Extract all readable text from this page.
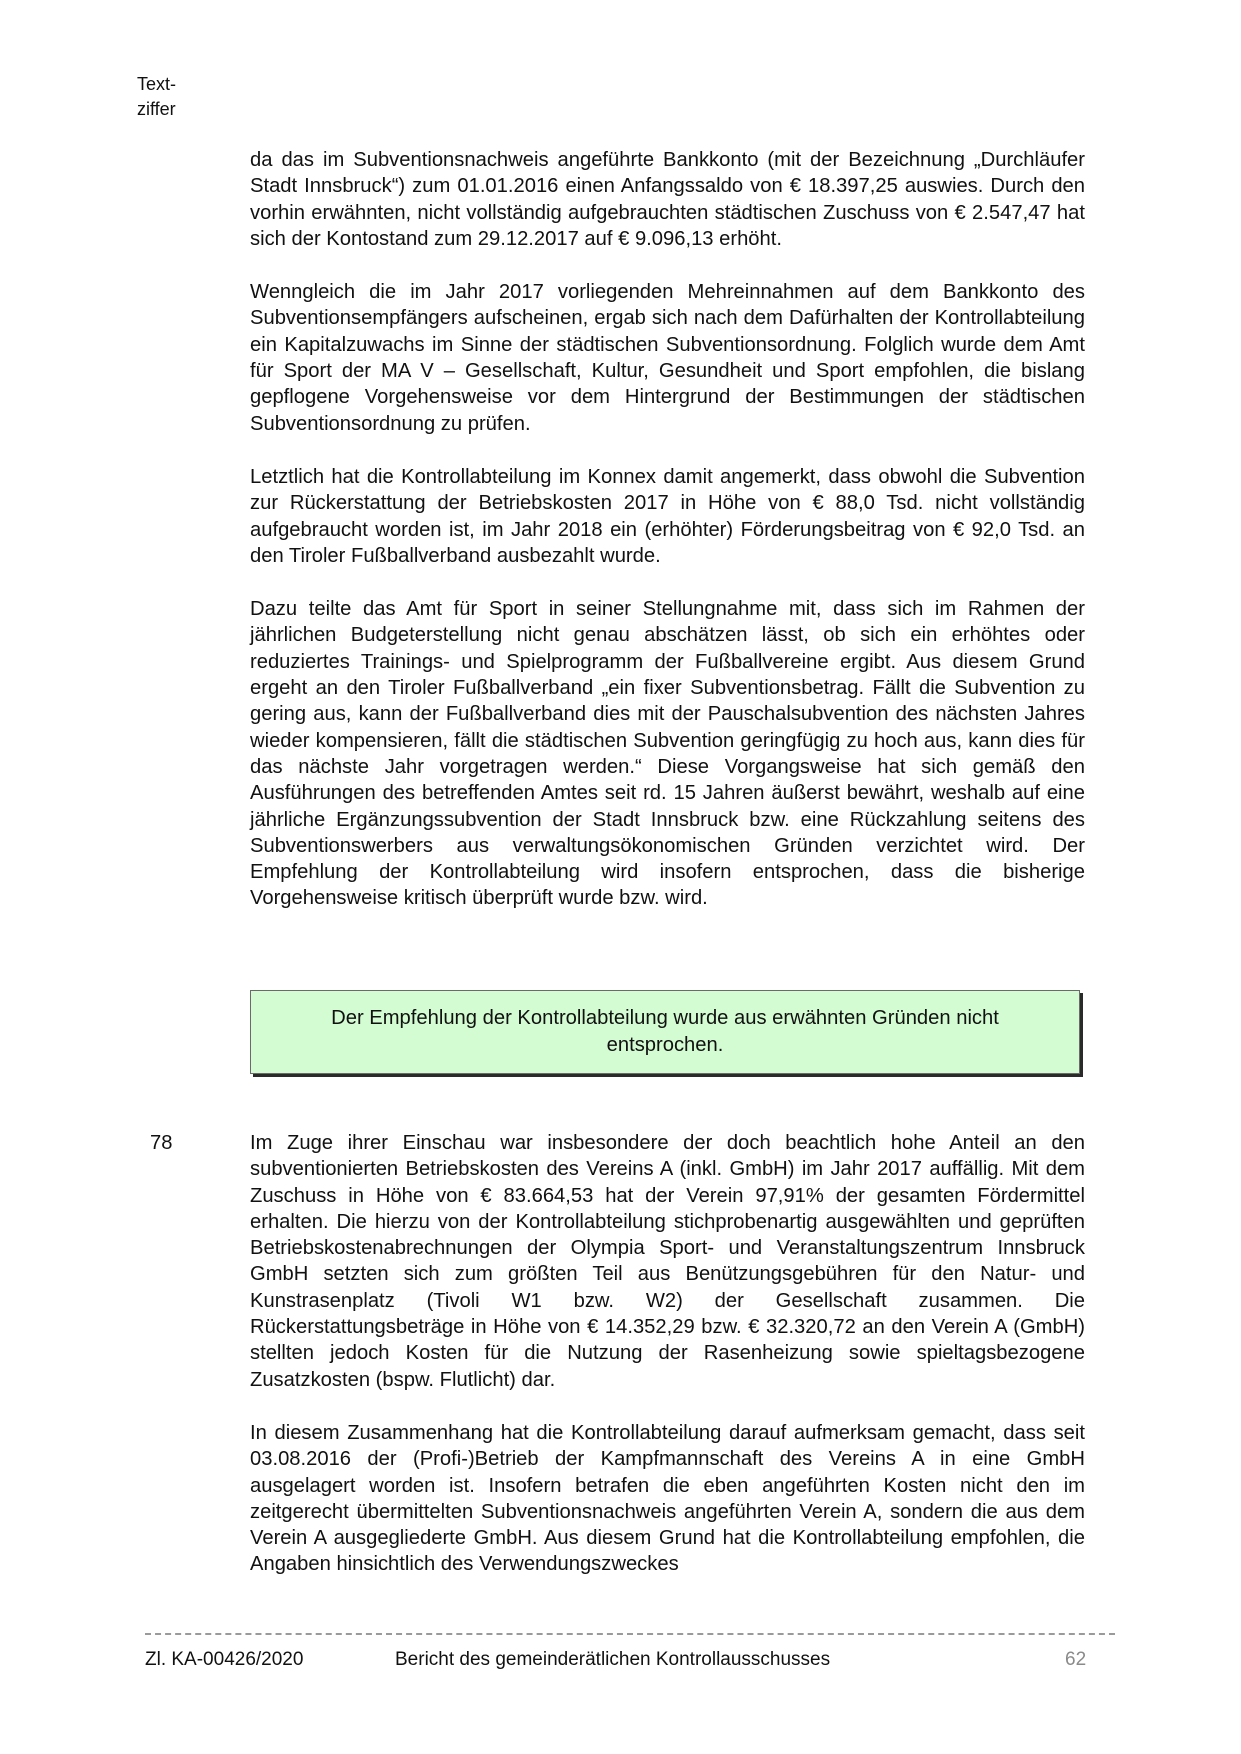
Text-
ziffer

da das im Subventionsnachweis angeführte Bankkonto (mit der Bezeichnung „Durchläufer Stadt Innsbruck“) zum 01.01.2016 einen Anfangssaldo von € 18.397,25 auswies. Durch den vorhin erwähnten, nicht vollständig aufgebrauchten städtischen Zuschuss von € 2.547,47 hat sich der Kontostand zum 29.12.2017 auf € 9.096,13 erhöht.

Wenngleich die im Jahr 2017 vorliegenden Mehreinnahmen auf dem Bankkonto des Subventionsempfängers aufscheinen, ergab sich nach dem Dafürhalten der Kontrollabteilung ein Kapitalzuwachs im Sinne der städtischen Subventionsordnung. Folglich wurde dem Amt für Sport der MA V – Gesellschaft, Kultur, Gesundheit und Sport empfohlen, die bislang gepflogene Vorgehensweise vor dem Hintergrund der Bestimmungen der städtischen Subventionsordnung zu prüfen.

Letztlich hat die Kontrollabteilung im Konnex damit angemerkt, dass obwohl die Subvention zur Rückerstattung der Betriebskosten 2017 in Höhe von € 88,0 Tsd. nicht vollständig aufgebraucht worden ist, im Jahr 2018 ein (erhöhter) Förderungsbeitrag von € 92,0 Tsd. an den Tiroler Fußballverband ausbezahlt wurde.

Dazu teilte das Amt für Sport in seiner Stellungnahme mit, dass sich im Rahmen der jährlichen Budgeterstellung nicht genau abschätzen lässt, ob sich ein erhöhtes oder reduziertes Trainings- und Spielprogramm der Fußballvereine ergibt. Aus diesem Grund ergeht an den Tiroler Fußballverband „ein fixer Subventionsbetrag. Fällt die Subvention zu gering aus, kann der Fußballverband dies mit der Pauschalsubvention des nächsten Jahres wieder kompensieren, fällt die städtischen Subvention geringfügig zu hoch aus, kann dies für das nächste Jahr vorgetragen werden.“ Diese Vorgangsweise hat sich gemäß den Ausführungen des betreffenden Amtes seit rd. 15 Jahren äußerst bewährt, weshalb auf eine jährliche Ergänzungssubvention der Stadt Innsbruck bzw. eine Rückzahlung seitens des Subventionswerbers aus verwaltungsökonomischen Gründen verzichtet wird. Der Empfehlung der Kontrollabteilung wird insofern entsprochen, dass die bisherige Vorgehensweise kritisch überprüft wurde bzw. wird.

Der Empfehlung der Kontrollabteilung wurde aus erwähnten Gründen nicht entsprochen.
78	Im Zuge ihrer Einschau war insbesondere der doch beachtlich hohe Anteil an den subventionierten Betriebskosten des Vereins A (inkl. GmbH) im Jahr 2017 auffällig. Mit dem Zuschuss in Höhe von € 83.664,53 hat der Verein 97,91% der gesamten Fördermittel erhalten. Die hierzu von der Kontrollabteilung stichprobenartig ausgewählten und geprüften Betriebskostenabrechnungen der Olympia Sport- und Veranstaltungszentrum Innsbruck GmbH setzten sich zum größten Teil aus Benützungsgebühren für den Natur- und Kunstrasenplatz (Tivoli W1 bzw. W2) der Gesellschaft zusammen. Die Rückerstattungsbeträge in Höhe von € 14.352,29 bzw. € 32.320,72 an den Verein A (GmbH) stellten jedoch Kosten für die Nutzung der Rasenheizung sowie spieltagsbezogene Zusatzkosten (bspw. Flutlicht) dar.

In diesem Zusammenhang hat die Kontrollabteilung darauf aufmerksam gemacht, dass seit 03.08.2016 der (Profi-)Betrieb der Kampfmannschaft des Vereins A in eine GmbH ausgelagert worden ist. Insofern betrafen die eben angeführten Kosten nicht den im zeitgerecht übermittelten Subventionsnachweis angeführten Verein A, sondern die aus dem Verein A ausgegliederte GmbH. Aus diesem Grund hat die Kontrollabteilung empfohlen, die Angaben hinsichtlich des Verwendungszweckes

Zl. KA-00426/2020	Bericht des gemeinderätlichen Kontrollausschusses	62
